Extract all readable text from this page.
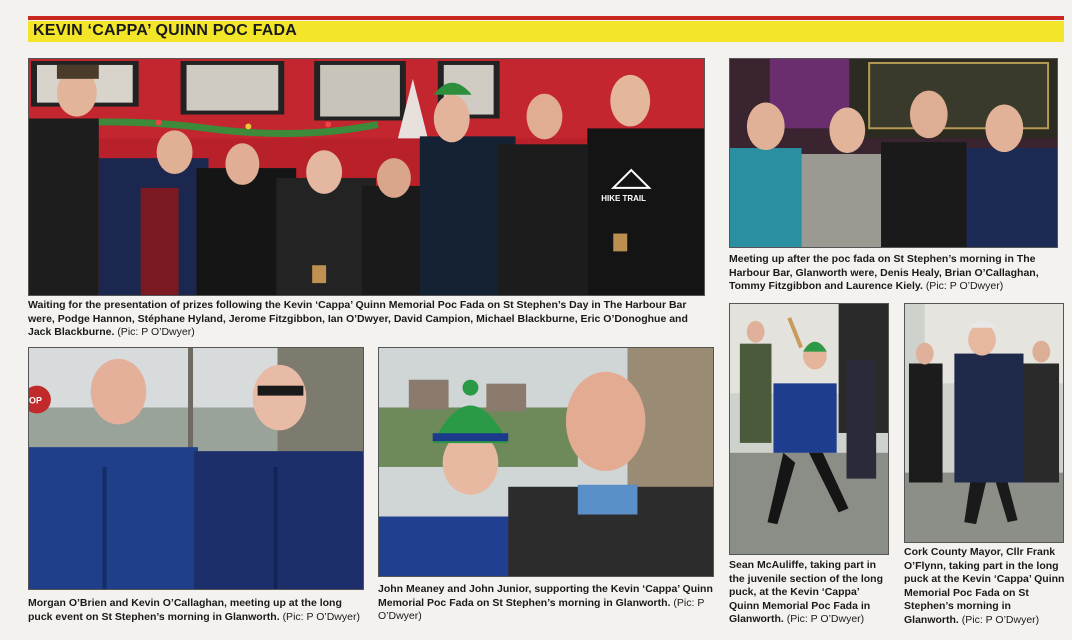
KEVIN ‘CAPPA’ QUINN POC FADA
HIKE TRAIL
Waiting for the presentation of prizes following the Kevin ‘Cappa’ Quinn Memorial Poc Fada on St Stephen’s Day in The Harbour Bar were, Podge Hannon, Stéphane Hyland, Jerome Fitzgibbon, Ian O’Dwyer, David Campion, Michael Blackburne, Eric O’Donoghue and Jack Blackburne. (Pic: P O’Dwyer)
Meeting up after the poc fada on St Stephen’s morning in The Harbour Bar, Glanworth were, Denis Healy, Brian O’Callaghan, Tommy Fitzgibbon and Laurence Kiely. (Pic: P O’Dwyer)
OP
Morgan O’Brien and Kevin O’Callaghan, meeting up at the long puck event on St Stephen’s morning in Glanworth. (Pic: P O’Dwyer)
John Meaney and John Junior, supporting the Kevin ‘Cappa’ Quinn Memorial Poc Fada on St Stephen’s morning in Glanworth. (Pic: P O’Dwyer)
Sean McAuliffe, taking part in the juvenile section of the long puck, at the Kevin ‘Cappa’ Quinn Memorial Poc Fada in Glanworth. (Pic: P O’Dwyer)
Cork County Mayor, Cllr Frank O’Flynn, taking part in the long puck at the Kevin ‘Cappa’ Quinn Memorial Poc Fada on St Stephen’s morning in Glanworth. (Pic: P O’Dwyer)
